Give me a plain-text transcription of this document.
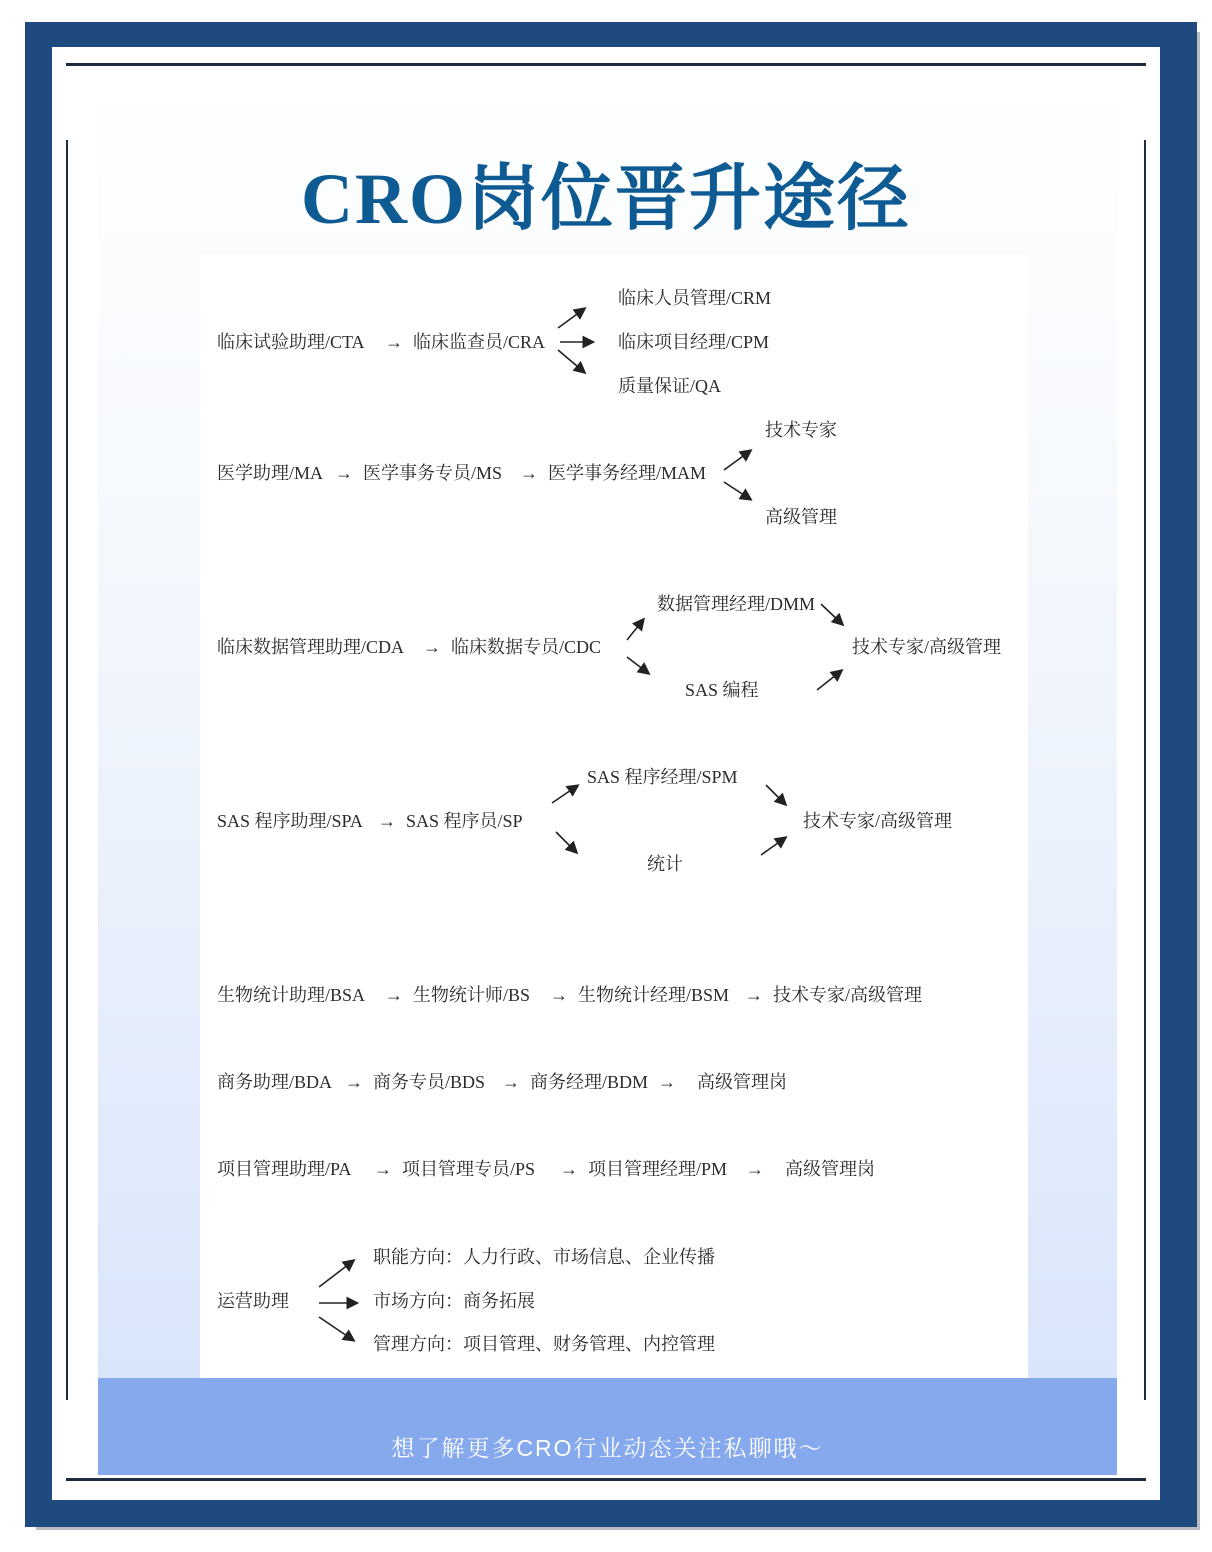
CRO岗位晋升途径
临床试验助理/CTA → 临床监查员/CRA
临床人员管理/CRM
临床项目经理/CPM
质量保证/QA
医学助理/MA → 医学事务专员/MS → 医学事务经理/MAM
技术专家
高级管理
临床数据管理助理/CDA → 临床数据专员/CDC
数据管理经理/DMM
SAS 编程
技术专家/高级管理
SAS 程序助理/SPA → SAS 程序员/SP
SAS 程序经理/SPM
统计
技术专家/高级管理
生物统计助理/BSA → 生物统计师/BS → 生物统计经理/BSM → 技术专家/高级管理
商务助理/BDA → 商务专员/BDS → 商务经理/BDM → 高级管理岗
项目管理助理/PA → 项目管理专员/PS → 项目管理经理/PM → 高级管理岗
运营助理
职能方向：人力行政、市场信息、企业传播
市场方向：商务拓展
管理方向：项目管理、财务管理、内控管理
想了解更多CRO行业动态关注私聊哦～
